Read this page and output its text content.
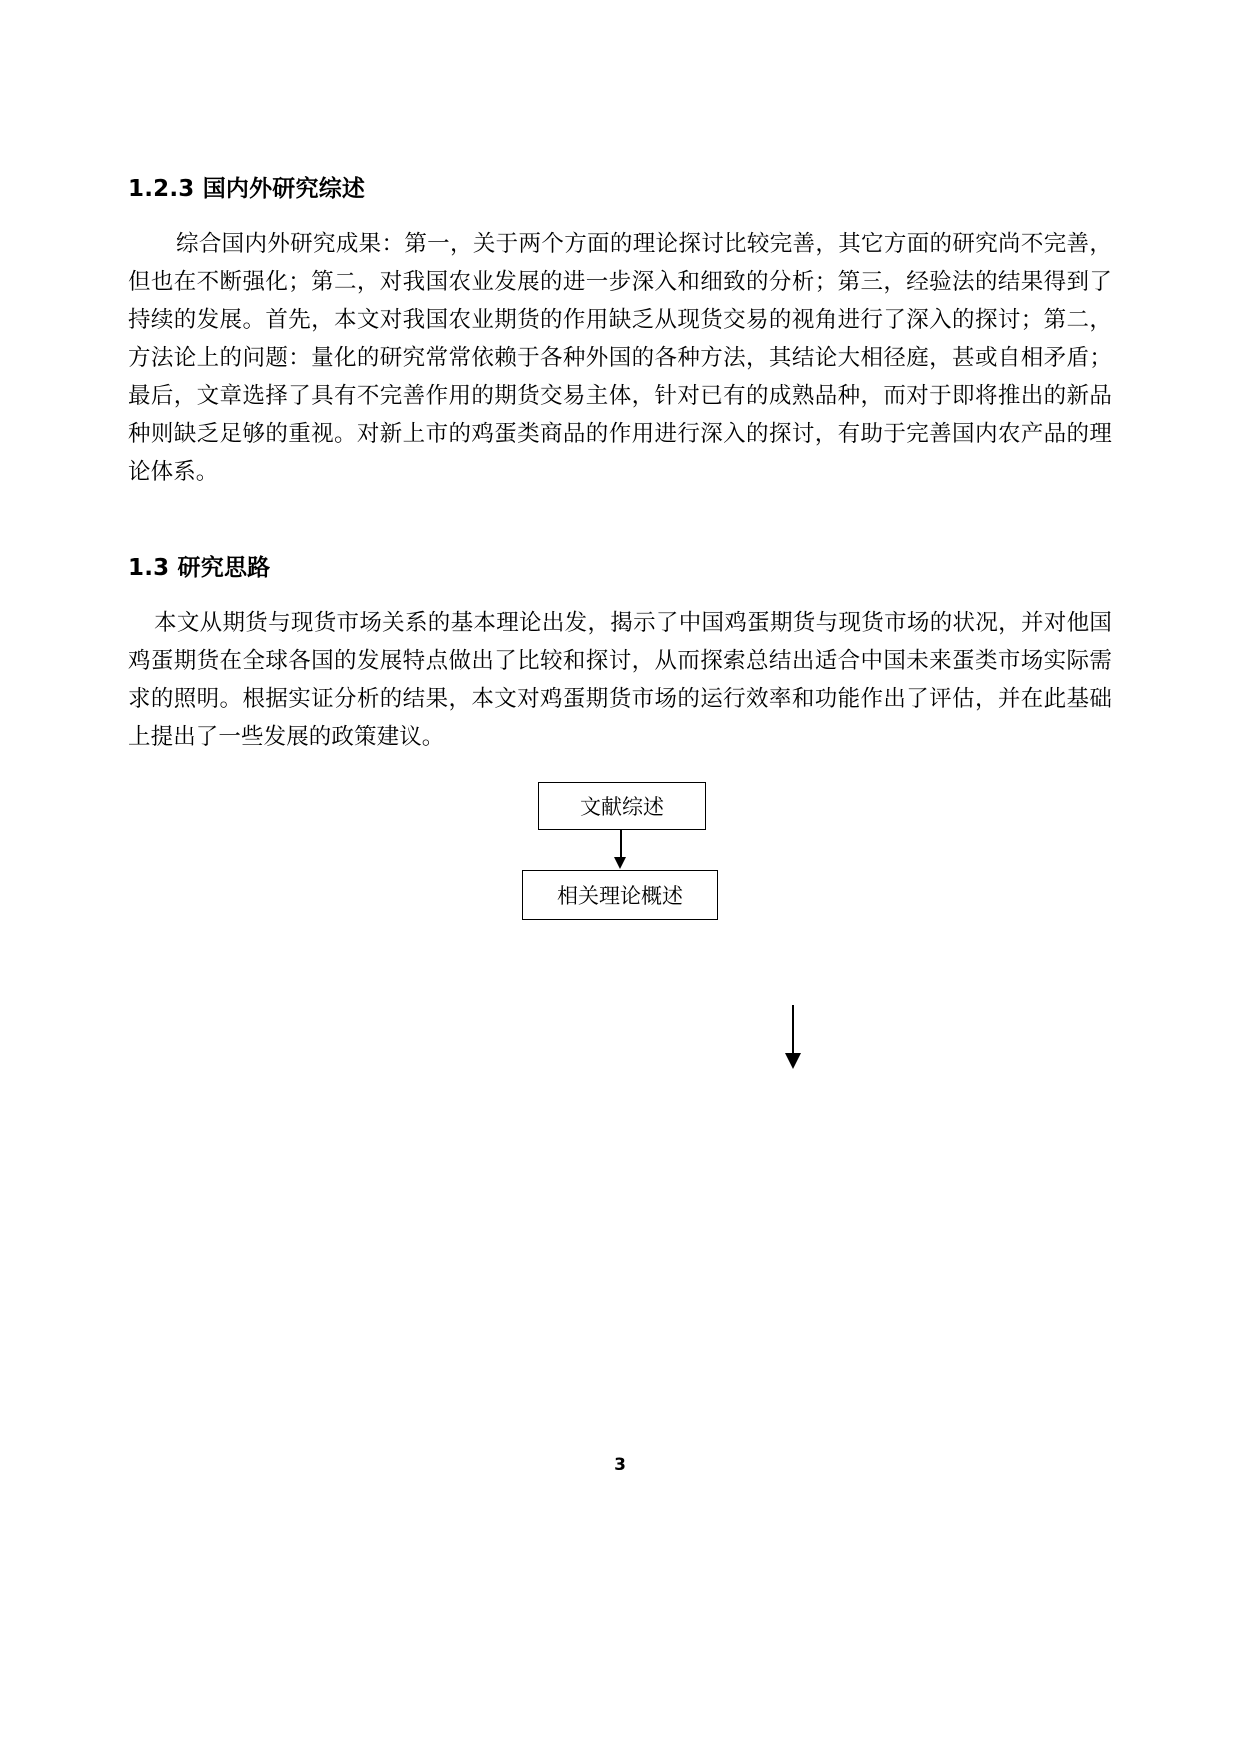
1.2.3 国内外研究综述

综合国内外研究成果：第一，关于两个方面的理论探讨比较完善，其它方面的研究尚不完善，但也在不断强化；第二，对我国农业发展的进一步深入和细致的分析；第三，经验法的结果得到了持续的发展。首先，本文对我国农业期货的作用缺乏从现货交易的视角进行了深入的探讨；第二，方法论上的问题：量化的研究常常依赖于各种外国的各种方法，其结论大相径庭，甚或自相矛盾；最后，文章选择了具有不完善作用的期货交易主体，针对已有的成熟品种，而对于即将推出的新品种则缺乏足够的重视。对新上市的鸡蛋类商品的作用进行深入的探讨，有助于完善国内农产品的理论体系。

1.3 研究思路

本文从期货与现货市场关系的基本理论出发，揭示了中国鸡蛋期货与现货市场的状况，并对他国鸡蛋期货在全球各国的发展特点做出了比较和探讨，从而探索总结出适合中国未来蛋类市场实际需求的照明。根据实证分析的结果，本文对鸡蛋期货市场的运行效率和功能作出了评估，并在此基础上提出了一些发展的政策建议。

文献综述
相关理论概述
3
